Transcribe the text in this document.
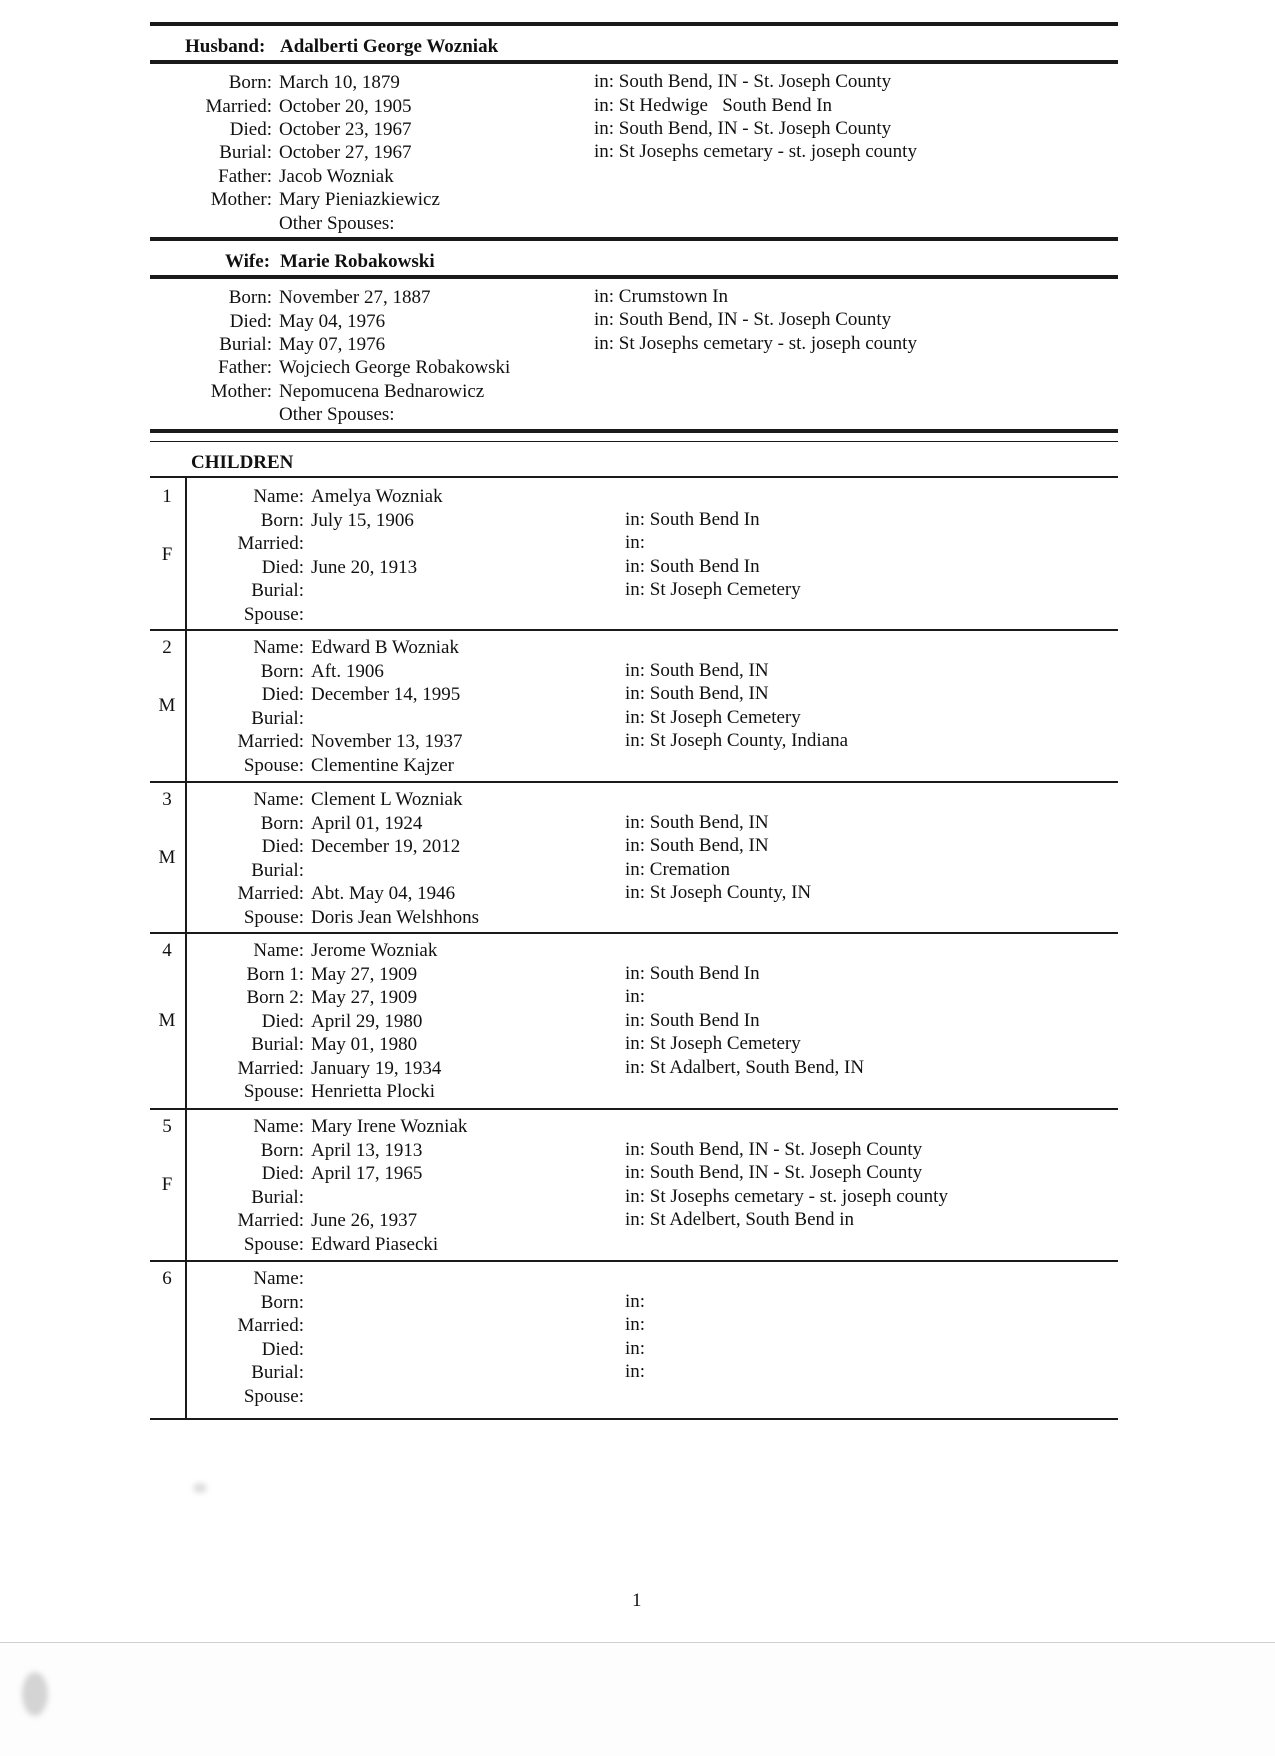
Husband: Adalberti George Wozniak
Born: March 10, 1879	in: South Bend, IN - St. Joseph County
Married: October 20, 1905	in: St Hedwige   South Bend In
Died: October 23, 1967	in: South Bend, IN - St. Joseph County
Burial: October 27, 1967	in: St Josephs cemetary - st. joseph county
Father: Jacob Wozniak
Mother: Mary Pieniazkiewicz
Other Spouses:
Wife: Marie Robakowski
Born: November 27, 1887	in: Crumstown In
Died: May 04, 1976	in: South Bend, IN - St. Joseph County
Burial: May 07, 1976	in: St Josephs cemetary - st. joseph county
Father: Wojciech George Robakowski
Mother: Nepomucena Bednarowicz
Other Spouses:
CHILDREN
1
F
Name: Amelya Wozniak
Born: July 15, 1906	in: South Bend In
Married:	in:
Died: June 20, 1913	in: South Bend In
Burial:	in: St Joseph Cemetery
Spouse:
2
M
Name: Edward B Wozniak
Born: Aft. 1906	in: South Bend, IN
Died: December 14, 1995	in: South Bend, IN
Burial:	in: St Joseph Cemetery
Married: November 13, 1937	in: St Joseph County, Indiana
Spouse: Clementine Kajzer
3
M
Name: Clement L Wozniak
Born: April 01, 1924	in: South Bend, IN
Died: December 19, 2012	in: South Bend, IN
Burial:	in: Cremation
Married: Abt. May 04, 1946	in: St Joseph County, IN
Spouse: Doris Jean Welshhons
4
M
Name: Jerome Wozniak
Born 1: May 27, 1909	in: South Bend In
Born 2: May 27, 1909	in:
Died: April 29, 1980	in: South Bend In
Burial: May 01, 1980	in: St Joseph Cemetery
Married: January 19, 1934	in: St Adalbert, South Bend, IN
Spouse: Henrietta Plocki
5
F
Name: Mary Irene Wozniak
Born: April 13, 1913	in: South Bend, IN - St. Joseph County
Died: April 17, 1965	in: South Bend, IN - St. Joseph County
Burial:	in: St Josephs cemetary - st. joseph county
Married: June 26, 1937	in: St Adelbert, South Bend in
Spouse: Edward Piasecki
6	Name:
Born:	in:
Married:	in:
Died:	in:
Burial:	in:
Spouse:
1
